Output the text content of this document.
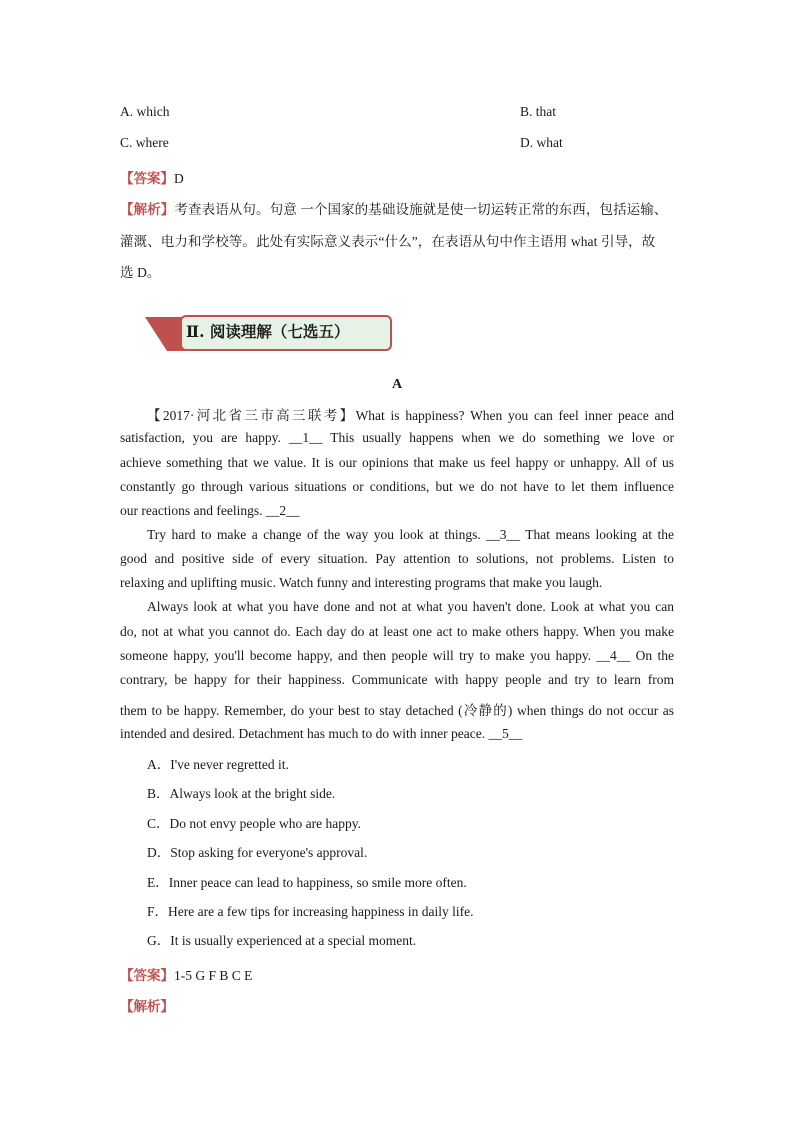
A. which	B. that
C. where	D. what
【答案】D
【解析】考查表语从句。句意 一个国家的基础设施就是使一切运转正常的东西，包括运输、
灌溉、电力和学校等。此处有实际意义表示“什么”，在表语从句中作主语用 what 引导，故
选 D。
Ⅱ. 阅读理解（七选五）
A
【2017·河北省三市高三联考】What is happiness? When you can feel inner peace and
satisfaction, you are happy. __1__ This usually happens when we do something we love or
achieve something that we value. It is our opinions that make us feel happy or unhappy. All of us
constantly go through various situations or conditions, but we do not have to let them influence
our reactions and feelings. __2__
Try hard to make a change of the way you look at things. __3__ That means looking at the
good and positive side of every situation. Pay attention to solutions, not problems. Listen to
relaxing and uplifting music. Watch funny and interesting programs that make you laugh.
Always look at what you have done and not at what you haven't done. Look at what you can
do, not at what you cannot do. Each day do at least one act to make others happy. When you make
someone happy, you'll become happy, and then people will try to make you happy. __4__ On the
contrary, be happy for their happiness. Communicate with happy people and try to learn from
them to be happy. Remember, do your best to stay detached (冷静的) when things do not occur as
intended and desired. Detachment has much to do with inner peace. __5__
A．I've never regretted it.
B．Always look at the bright side.
C．Do not envy people who are happy.
D．Stop asking for everyone's approval.
E．Inner peace can lead to happiness, so smile more often.
F．Here are a few tips for increasing happiness in daily life.
G．It is usually experienced at a special moment.
【答案】1-5 G F B C E
【解析】
